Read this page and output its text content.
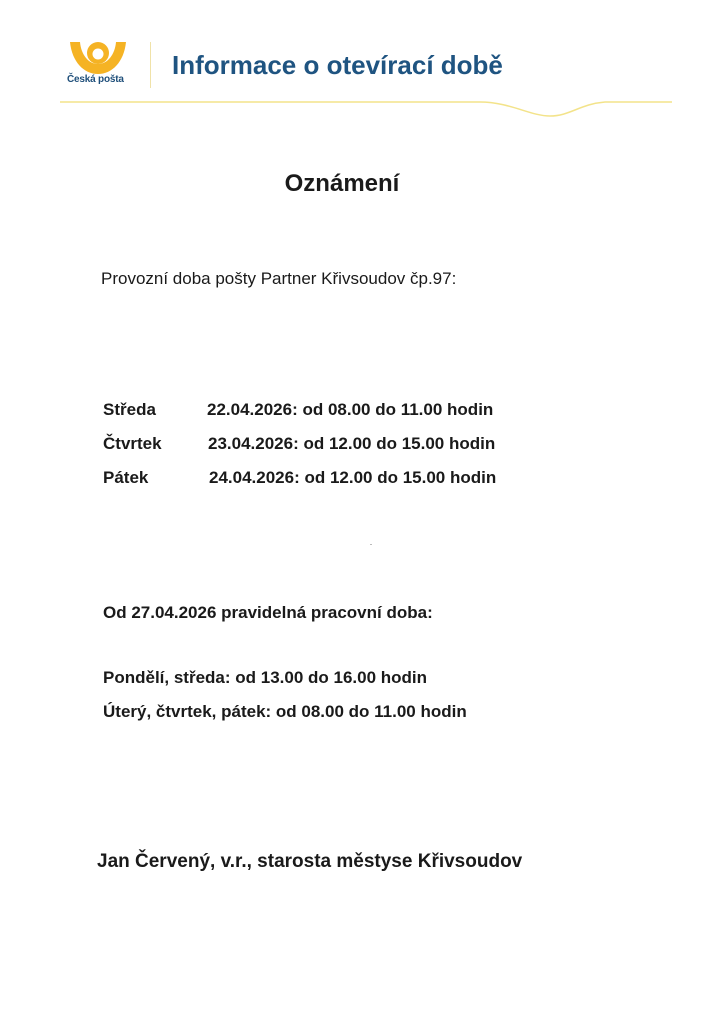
Česká pošta Informace o otevírací době
Oznámení
Provozní doba pošty Partner Křivsoudov čp.97:
Středa	22.04.2026: od 08.00 do 11.00 hodin
Čtvrtek	23.04.2026: od 12.00 do 15.00 hodin
Pátek	24.04.2026: od 12.00 do 15.00 hodin
Od 27.04.2026 pravidelná pracovní doba:
Pondělí, středa: od 13.00 do 16.00 hodin
Úterý, čtvrtek, pátek: od 08.00 do 11.00 hodin
Jan Červený, v.r., starosta městyse Křivsoudov
